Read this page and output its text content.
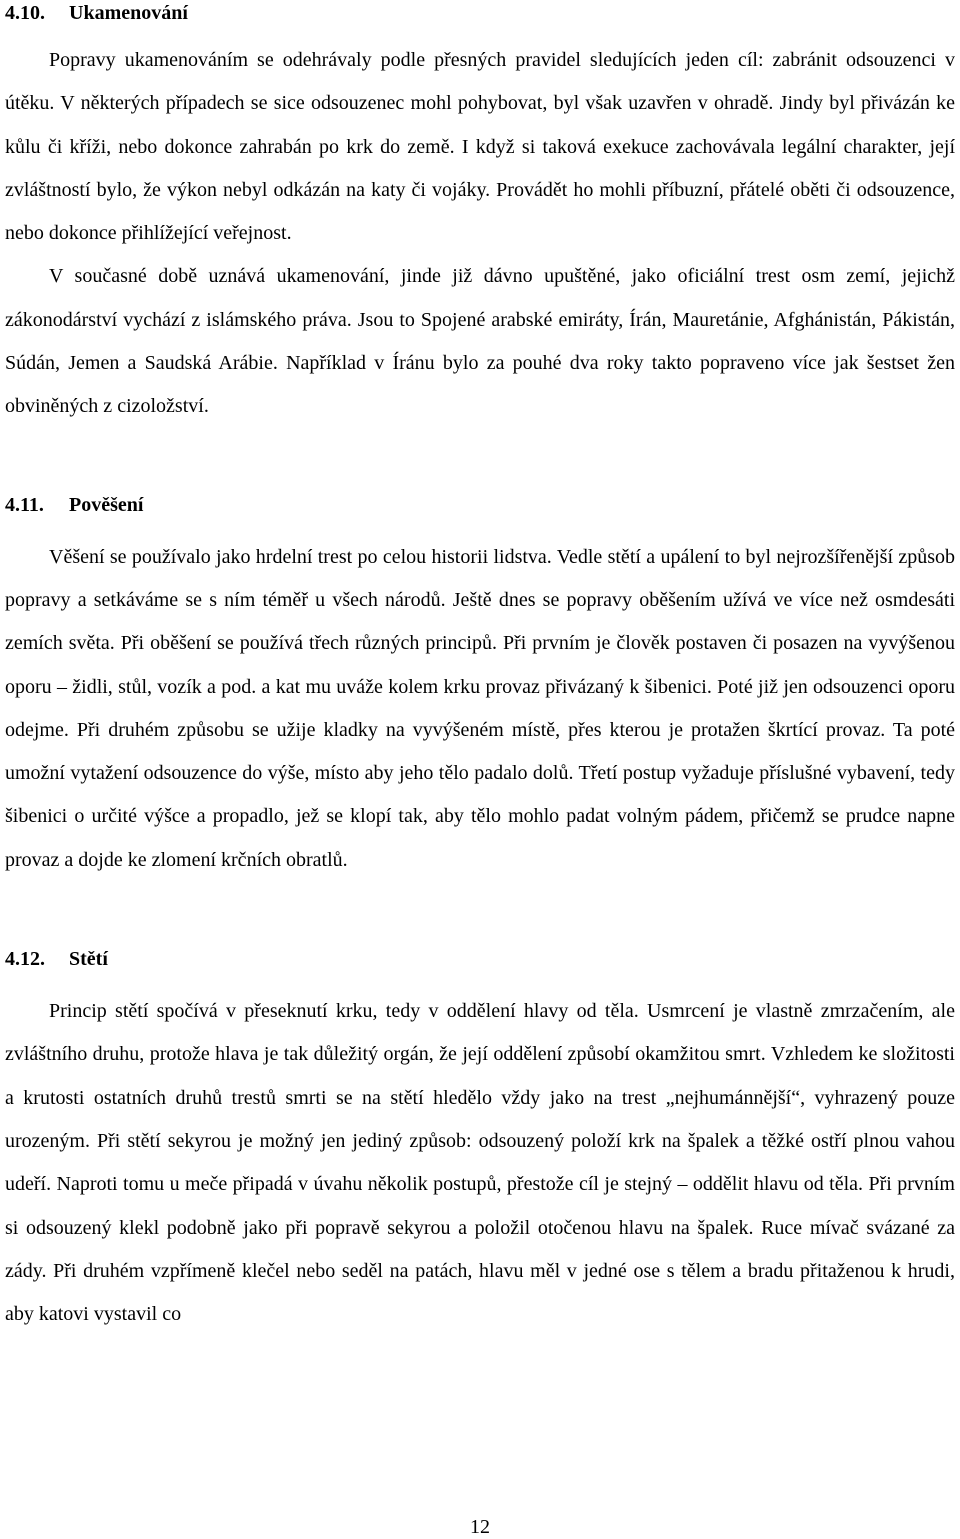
4.10. Ukamenování

Popravy ukamenováním se odehrávaly podle přesných pravidel sledujících jeden cíl: zabránit odsouzenci v útěku. V některých případech se sice odsouzenec mohl pohybovat, byl však uzavřen v ohradě. Jindy byl přivázán ke kůlu či kříži, nebo dokonce zahrabán po krk do země. I když si taková exekuce zachovávala legální charakter, její zvláštností bylo, že výkon nebyl odkázán na katy či vojáky. Provádět ho mohli příbuzní, přátelé oběti či odsouzence, nebo dokonce přihlížející veřejnost.

V současné době uznává ukamenování, jinde již dávno upuštěné, jako oficiální trest osm zemí, jejichž zákonodárství vychází z islámského práva. Jsou to Spojené arabské emiráty, Írán, Mauretánie, Afghánistán, Pákistán, Súdán, Jemen a Saudská Arábie. Například v Íránu bylo za pouhé dva roky takto popraveno více jak šestset žen obviněných z cizoložství.

4.11. Pověšení

Věšení se používalo jako hrdelní trest po celou historii lidstva. Vedle stětí a upálení to byl nejrozšířenější způsob popravy a setkáváme se s ním téměř u všech národů. Ještě dnes se popravy oběšením užívá ve více než osmdesáti zemích světa. Při oběšení se používá třech různých principů. Při prvním je člověk postaven či posazen na vyvýšenou oporu – židli, stůl, vozík a pod. a kat mu uváže kolem krku provaz přivázaný k šibenici. Poté již jen odsouzenci oporu odejme. Při druhém způsobu se užije kladky na vyvýšeném místě, přes kterou je protažen škrtící provaz. Ta poté umožní vytažení odsouzence do výše, místo aby jeho tělo padalo dolů. Třetí postup vyžaduje příslušné vybavení, tedy šibenici o určité výšce a propadlo, jež se klopí tak, aby tělo mohlo padat volným pádem, přičemž se prudce napne provaz a dojde ke zlomení krčních obratlů.

4.12. Stětí

Princip stětí spočívá v přeseknutí krku, tedy v oddělení hlavy od těla. Usmrcení je vlastně zmrzačením, ale zvláštního druhu, protože hlava je tak důležitý orgán, že její oddělení způsobí okamžitou smrt. Vzhledem ke složitosti a krutosti ostatních druhů trestů smrti se na stětí hledělo vždy jako na trest „nejhumánnější“, vyhrazený pouze urozeným. Při stětí sekyrou je možný jen jediný způsob: odsouzený položí krk na špalek a těžké ostří plnou vahou udeří. Naproti tomu u meče připadá v úvahu několik postupů, přestože cíl je stejný – oddělit hlavu od těla. Při prvním si odsouzený klekl podobně jako při popravě sekyrou a položil otočenou hlavu na špalek. Ruce mívač svázané za zády. Při druhém vzpřímeně klečel nebo seděl na patách, hlavu měl v jedné ose s tělem a bradu přitaženou k hrudi, aby katovi vystavil co

12
